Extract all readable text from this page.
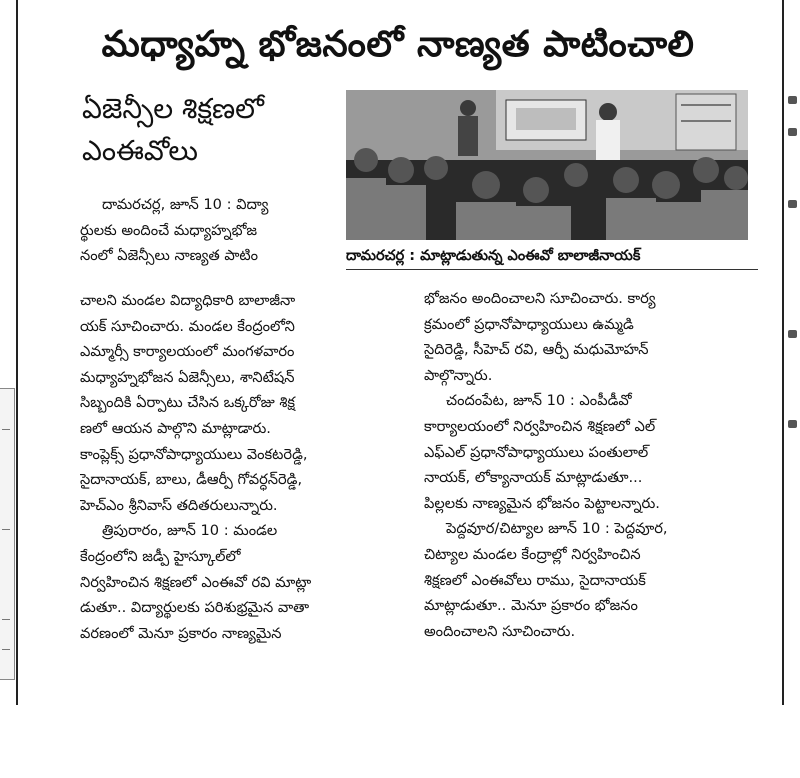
మధ్యాహ్న భోజనంలో నాణ్యత పాటించాలి
ఏజెన్సీల శిక్షణలో
ఎంఈవోలు
దామరచర్ల : మాట్లాడుతున్న ఎంఈవో బాలాజీనాయక్
దామరచర్ల, జూన్ 10 : విద్యా
ర్థులకు అందించే మధ్యాహ్నభోజ
నంలో ఏజెన్సీలు నాణ్యత పాటిం
చాలని మండల విద్యాధికారి బాలాజీనా
యక్ సూచించారు. మండల కేంద్రంలోని
ఎమ్మార్సీ కార్యాలయంలో మంగళవారం
మధ్యాహ్నభోజన ఏజెన్సీలు, శానిటేషన్
సిబ్బందికి ఏర్పాటు చేసిన ఒక్కరోజు శిక్ష
ణలో ఆయన పాల్గొని మాట్లాడారు.
కాంప్లెక్స్ ప్రధానోపాధ్యాయులు వెంకటరెడ్డి,
సైదానాయక్, బాలు, డీఆర్పీ గోవర్ధన్‌రెడ్డి,
హెచ్ఎం శ్రీనివాస్ తదితరులున్నారు.
త్రిపురారం, జూన్ 10 : మండల
కేంద్రంలోని జడ్పీ హైస్కూల్‌లో
నిర్వహించిన శిక్షణలో ఎంఈవో రవి మాట్లా
డుతూ.. విద్యార్థులకు పరిశుభ్రమైన వాతా
వరణంలో మెనూ ప్రకారం నాణ్యమైన
భోజనం అందించాలని సూచించారు. కార్య
క్రమంలో ప్రధానోపాధ్యాయులు ఉమ్మడి
సైదిరెడ్డి, సీహెచ్ రవి, ఆర్పీ మధుమోహన్
పాల్గొన్నారు.
చందంపేట, జూన్ 10 : ఎంపీడీవో
కార్యాలయంలో నిర్వహించిన శిక్షణలో ఎల్
ఎఫ్ఎల్ ప్రధానోపాధ్యాయులు పంతులాల్
నాయక్, లోక్యానాయక్ మాట్లాడుతూ...
పిల్లలకు నాణ్యమైన భోజనం పెట్టాలన్నారు.
పెద్దవూర/చిట్యాల జూన్ 10 : పెద్దవూర,
చిట్యాల మండల కేంద్రాల్లో నిర్వహించిన
శిక్షణలో ఎంఈవోలు రాము, సైదానాయక్
మాట్లాడుతూ.. మెనూ ప్రకారం భోజనం
అందించాలని సూచించారు.
